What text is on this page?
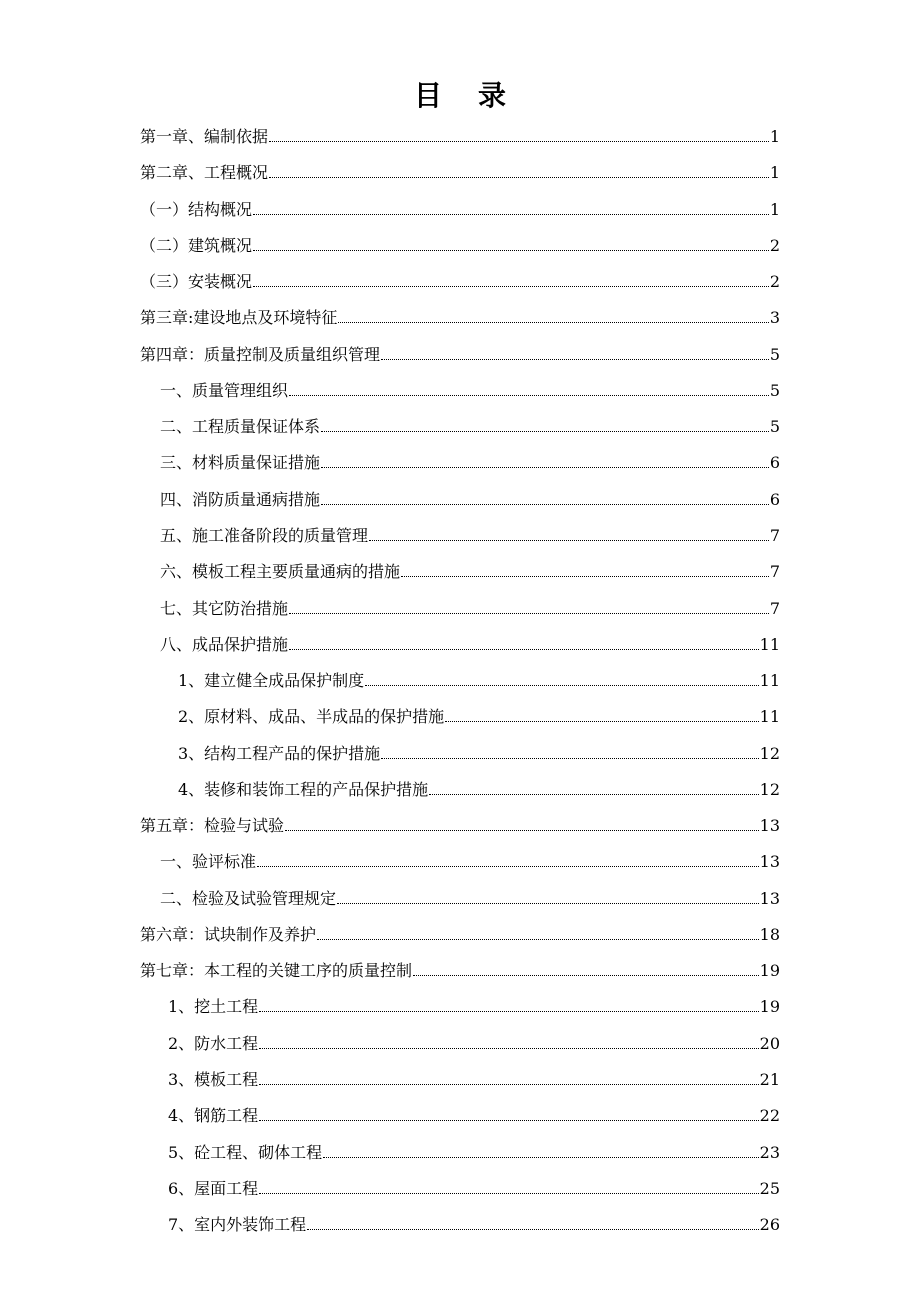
目 录
第一章、编制依据	1
第二章、工程概况	1
（一）结构概况	1
（二）建筑概况	2
（三）安装概况	2
第三章:建设地点及环境特征	3
第四章：质量控制及质量组织管理	5
一、质量管理组织	5
二、工程质量保证体系	5
三、材料质量保证措施	6
四、消防质量通病措施	6
五、施工准备阶段的质量管理	7
六、模板工程主要质量通病的措施	7
七、其它防治措施	7
八、成品保护措施	11
1、建立健全成品保护制度	11
2、原材料、成品、半成品的保护措施	11
3、结构工程产品的保护措施	12
4、装修和装饰工程的产品保护措施	12
第五章：检验与试验	13
一、验评标准	13
二、检验及试验管理规定	13
第六章：试块制作及养护	18
第七章：本工程的关键工序的质量控制	19
1、挖土工程	19
2、防水工程	20
3、模板工程	21
4、钢筋工程	22
5、砼工程、砌体工程	23
6、屋面工程	25
7、室内外装饰工程	26
